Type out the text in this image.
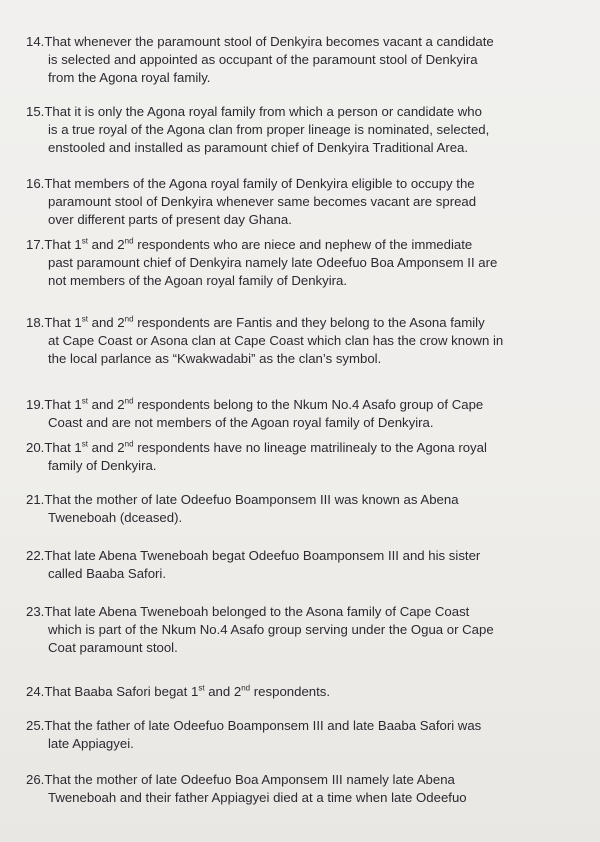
14.That whenever the paramount stool of Denkyira becomes vacant a candidate
is selected and appointed as occupant of the paramount stool of Denkyira
from the Agona royal family.
15.That it is only the Agona royal family from which a person or candidate who
is a true royal of the Agona clan from proper lineage is nominated, selected,
enstooled and installed as paramount chief of Denkyira Traditional Area.
16.That members of the Agona royal family of Denkyira eligible to occupy the
paramount stool of Denkyira whenever same becomes vacant are spread
over different parts of present day Ghana.
17.That 1st and 2nd respondents who are niece and nephew of the immediate
past paramount chief of Denkyira namely late Odeefuo Boa Amponsem II are
not members of the Agoan royal family of Denkyira.
18.That 1st and 2nd respondents are Fantis and they belong to the Asona family
at Cape Coast or Asona clan at Cape Coast which clan has the crow known in
the local parlance as “Kwakwadabi” as the clan’s symbol.
19.That 1st and 2nd respondents belong to the Nkum No.4 Asafo group of Cape
Coast and are not members of the Agoan royal family of Denkyira.
20.That 1st and 2nd respondents have no lineage matrilinealy to the Agona royal
family of Denkyira.
21.That the mother of late Odeefuo Boamponsem III was known as Abena
Tweneboah (dceased).
22.That late Abena Tweneboah begat Odeefuo Boamponsem III and his sister
called Baaba Safori.
23.That late Abena Tweneboah belonged to the Asona family of Cape Coast
which is part of the Nkum No.4 Asafo group serving under the Ogua or Cape
Coat paramount stool.
24.That Baaba Safori begat 1st and 2nd respondents.
25.That the father of late Odeefuo Boamponsem III and late Baaba Safori was
late Appiagyei.
26.That the mother of late Odeefuo Boa Amponsem III namely late Abena
Tweneboah and their father Appiagyei died at a time when late Odeefuo
